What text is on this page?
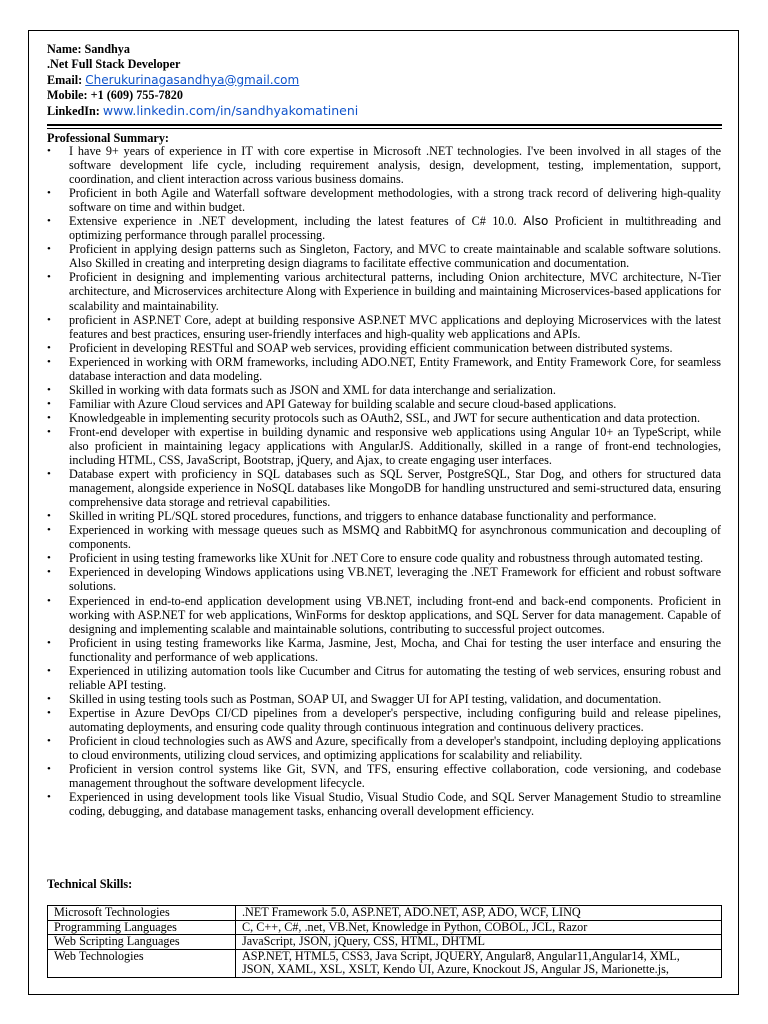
Name: Sandhya
.Net Full Stack Developer
Email: Cherukurinagasandhya@gmail.com
Mobile: +1 (609) 755-7820
LinkedIn: www.linkedin.com/in/sandhyakomatineni
Professional Summary:
• I have 9+ years of experience in IT with core expertise in Microsoft .NET technologies. I've been involved in all stages of the software development life cycle, including requirement analysis, design, development, testing, implementation, support, coordination, and client interaction across various business domains.
• Proficient in both Agile and Waterfall software development methodologies, with a strong track record of delivering high-quality software on time and within budget.
• Extensive experience in .NET development, including the latest features of C# 10.0. Also Proficient in multithreading and optimizing performance through parallel processing.
• Proficient in applying design patterns such as Singleton, Factory, and MVC to create maintainable and scalable software solutions. Also Skilled in creating and interpreting design diagrams to facilitate effective communication and documentation.
• Proficient in designing and implementing various architectural patterns, including Onion architecture, MVC architecture, N-Tier architecture, and Microservices architecture Along with Experience in building and maintaining Microservices-based applications for scalability and maintainability.
• proficient in ASP.NET Core, adept at building responsive ASP.NET MVC applications and deploying Microservices with the latest features and best practices, ensuring user-friendly interfaces and high-quality web applications and APIs.
• Proficient in developing RESTful and SOAP web services, providing efficient communication between distributed systems.
• Experienced in working with ORM frameworks, including ADO.NET, Entity Framework, and Entity Framework Core, for seamless database interaction and data modeling.
• Skilled in working with data formats such as JSON and XML for data interchange and serialization.
• Familiar with Azure Cloud services and API Gateway for building scalable and secure cloud-based applications.
• Knowledgeable in implementing security protocols such as OAuth2, SSL, and JWT for secure authentication and data protection.
• Front-end developer with expertise in building dynamic and responsive web applications using Angular 10+ an TypeScript, while also proficient in maintaining legacy applications with AngularJS. Additionally, skilled in a range of front-end technologies, including HTML, CSS, JavaScript, Bootstrap, jQuery, and Ajax, to create engaging user interfaces.
• Database expert with proficiency in SQL databases such as SQL Server, PostgreSQL, Star Dog, and others for structured data management, alongside experience in NoSQL databases like MongoDB for handling unstructured and semi-structured data, ensuring comprehensive data storage and retrieval capabilities.
• Skilled in writing PL/SQL stored procedures, functions, and triggers to enhance database functionality and performance.
• Experienced in working with message queues such as MSMQ and RabbitMQ for asynchronous communication and decoupling of components.
• Proficient in using testing frameworks like XUnit for .NET Core to ensure code quality and robustness through automated testing.
• Experienced in developing Windows applications using VB.NET, leveraging the .NET Framework for efficient and robust software solutions.
• Experienced in end-to-end application development using VB.NET, including front-end and back-end components. Proficient in working with ASP.NET for web applications, WinForms for desktop applications, and SQL Server for data management. Capable of designing and implementing scalable and maintainable solutions, contributing to successful project outcomes.
• Proficient in using testing frameworks like Karma, Jasmine, Jest, Mocha, and Chai for testing the user interface and ensuring the functionality and performance of web applications.
• Experienced in utilizing automation tools like Cucumber and Citrus for automating the testing of web services, ensuring robust and reliable API testing.
• Skilled in using testing tools such as Postman, SOAP UI, and Swagger UI for API testing, validation, and documentation.
• Expertise in Azure DevOps CI/CD pipelines from a developer's perspective, including configuring build and release pipelines, automating deployments, and ensuring code quality through continuous integration and continuous delivery practices.
• Proficient in cloud technologies such as AWS and Azure, specifically from a developer's standpoint, including deploying applications to cloud environments, utilizing cloud services, and optimizing applications for scalability and reliability.
• Proficient in version control systems like Git, SVN, and TFS, ensuring effective collaboration, code versioning, and codebase management throughout the software development lifecycle.
• Experienced in using development tools like Visual Studio, Visual Studio Code, and SQL Server Management Studio to streamline coding, debugging, and database management tasks, enhancing overall development efficiency.
Technical Skills:
Microsoft Technologies	.NET Framework 5.0, ASP.NET, ADO.NET, ASP, ADO, WCF, LINQ
Programming Languages	C, C++, C#, .net, VB.Net, Knowledge in Python, COBOL, JCL, Razor
Web Scripting Languages	JavaScript, JSON, jQuery, CSS, HTML, DHTML
Web Technologies	ASP.NET, HTML5, CSS3, Java Script, JQUERY, Angular8, Angular11,Angular14, XML, JSON, XAML, XSL, XSLT, Kendo UI, Azure, Knockout JS, Angular JS, Marionette.js,
